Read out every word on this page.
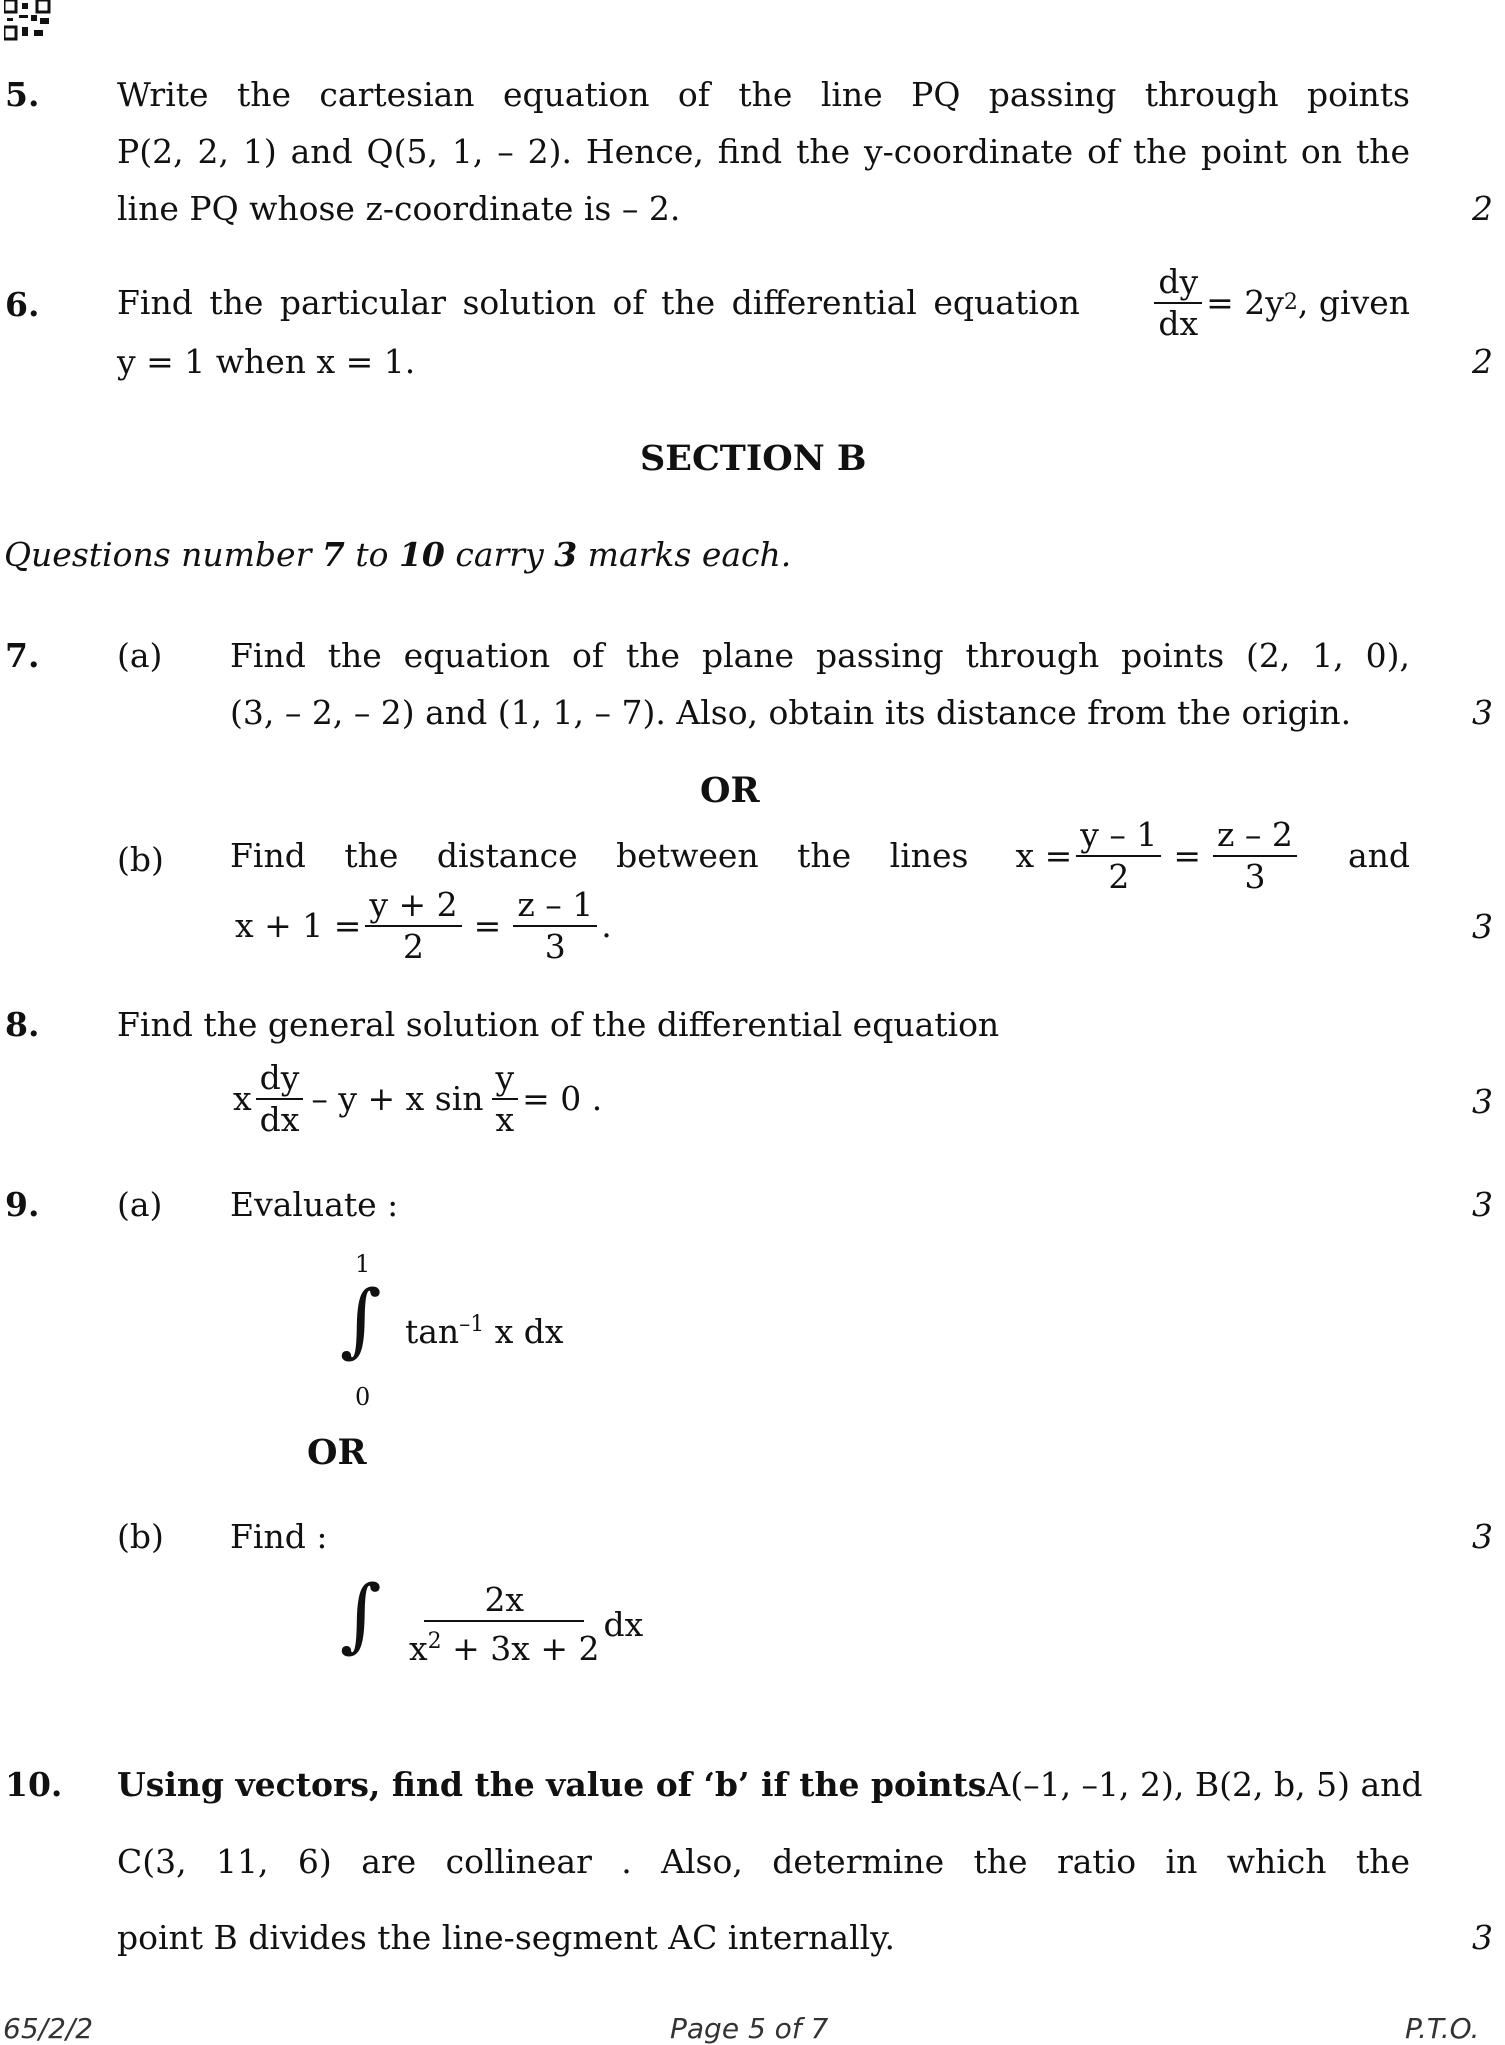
5. Write the cartesian equation of the line PQ passing through points
P(2, 2, 1) and Q(5, 1, – 2). Hence, find the y-coordinate of the point on the
line PQ whose z-coordinate is – 2.	2
6. Find the particular solution of the differential equation $\frac{dy}{dx} = 2y$ 2 , given
y = 1 when x = 1.	2
SECTION B
Questions number 7 to 10 carry 3 marks each.
7. (a) Find the equation of the plane passing through points (2, 1, 0),
(3, – 2, – 2) and (1, 1, – 7). Also, obtain its distance from the origin.	3
OR
(b) Find the distance between the lines $x = \frac{y - 1}{2} = \frac{z - 2}{3}$ and
$x + 1 = \frac{y + 2}{2} = \frac{z - 1}{3}$ .	3
8. Find the general solution of the differential equation
x $\frac{dy}{dx} - y + x$ $\sin \frac{y}{x} = 0$ .	3
9. (a) Evaluate :	3
1
∫
0
$\tan^{-1} x$ dx
OR
(b) Find :	3
∫ $\frac{2x}{x^2 + 3x + 2}$ dx
10. Using vectors, find the value of ‘b’ if the points A(–1, –1, 2), B(2, b, 5) and
C(3, 11, 6) are collinear . Also, determine the ratio in which the
point B divides the line-segment AC internally.	3
65/2/2	Page 5 of 7	P.T.O.
